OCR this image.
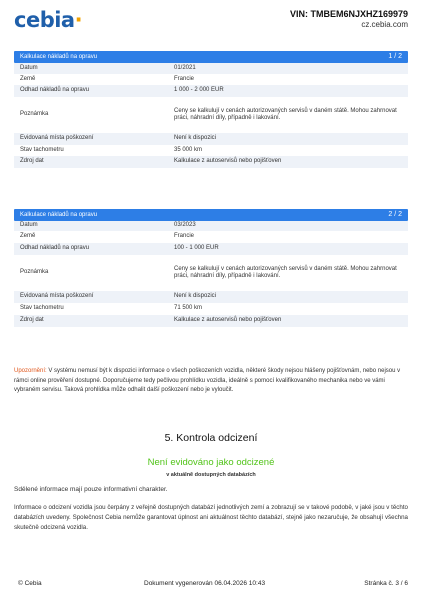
cebia·	VIN: TMBEM6NJXHZ169979
cz.cebia.com
Kalkulace nákladů na opravu	1 / 2
Datum	01/2021
Země	Francie
Odhad nákladů na opravu	1 000 - 2 000 EUR
Poznámka	Ceny se kalkulují v cenách autorizovaných servisů v daném státě. Mohou zahrnovat práci, náhradní díly, případně i lakování.
Evidovaná místa poškození	Není k dispozici
Stav tachometru	35 000 km
Zdroj dat	Kalkulace z autoservisů nebo pojišťoven
Kalkulace nákladů na opravu	2 / 2
Datum	03/2023
Země	Francie
Odhad nákladů na opravu	100 - 1 000 EUR
Poznámka	Ceny se kalkulují v cenách autorizovaných servisů v daném státě. Mohou zahrnovat práci, náhradní díly, případně i lakování.
Evidovaná místa poškození	Není k dispozici
Stav tachometru	71 500 km
Zdroj dat	Kalkulace z autoservisů nebo pojišťoven
Upozornění: V systému nemusí být k dispozici informace o všech poškozeních vozidla, některé škody nejsou hlášeny pojišťovnám, nebo nejsou v rámci online prověření dostupné. Doporučujeme tedy pečlivou prohlídku vozidla, ideálně s pomocí kvalifikovaného mechanika nebo ve vámi vybraném servisu. Taková prohlídka může odhalit další poškození nebo je vyloučit.
5. Kontrola odcizení
Není evidováno jako odcizené
v aktuálně dostupných databázích
Sdělené informace mají pouze informativní charakter.
Informace o odcizení vozidla jsou čerpány z veřejně dostupných databází jednotlivých zemí a zobrazují se v takové podobě, v jaké jsou v těchto databázích uvedeny. Společnost Cebia nemůže garantovat úplnost ani aktuálnost těchto databází, stejně jako nezaručuje, že obsahují všechna skutečně odcizená vozidla.
© Cebia	Dokument vygenerován 06.04.2026 10:43	Stránka č. 3 / 6
